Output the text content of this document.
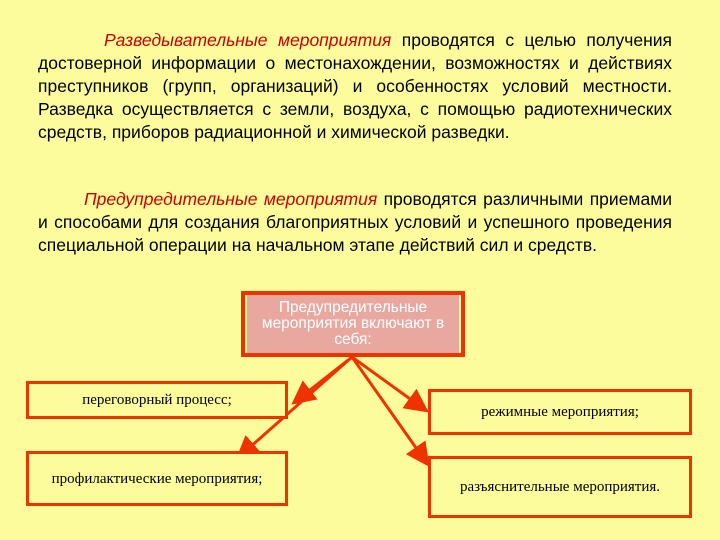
Разведывательные мероприятия проводятся с целью получения достоверной информации о местонахождении, возможностях и действиях преступников (групп, организаций) и особенностях условий местности. Разведка осуществляется с земли, воздуха, с помощью радиотехнических средств, приборов радиационной и химической разведки.

Предупредительные мероприятия проводятся различными приемами и способами для создания благоприятных условий и успешного проведения специальной операции на начальном этапе действий сил и средств.

Предупредительные мероприятия включают в себя:
переговорный процесс;
режимные мероприятия;
профилактические мероприятия;
разъяснительные мероприятия.
